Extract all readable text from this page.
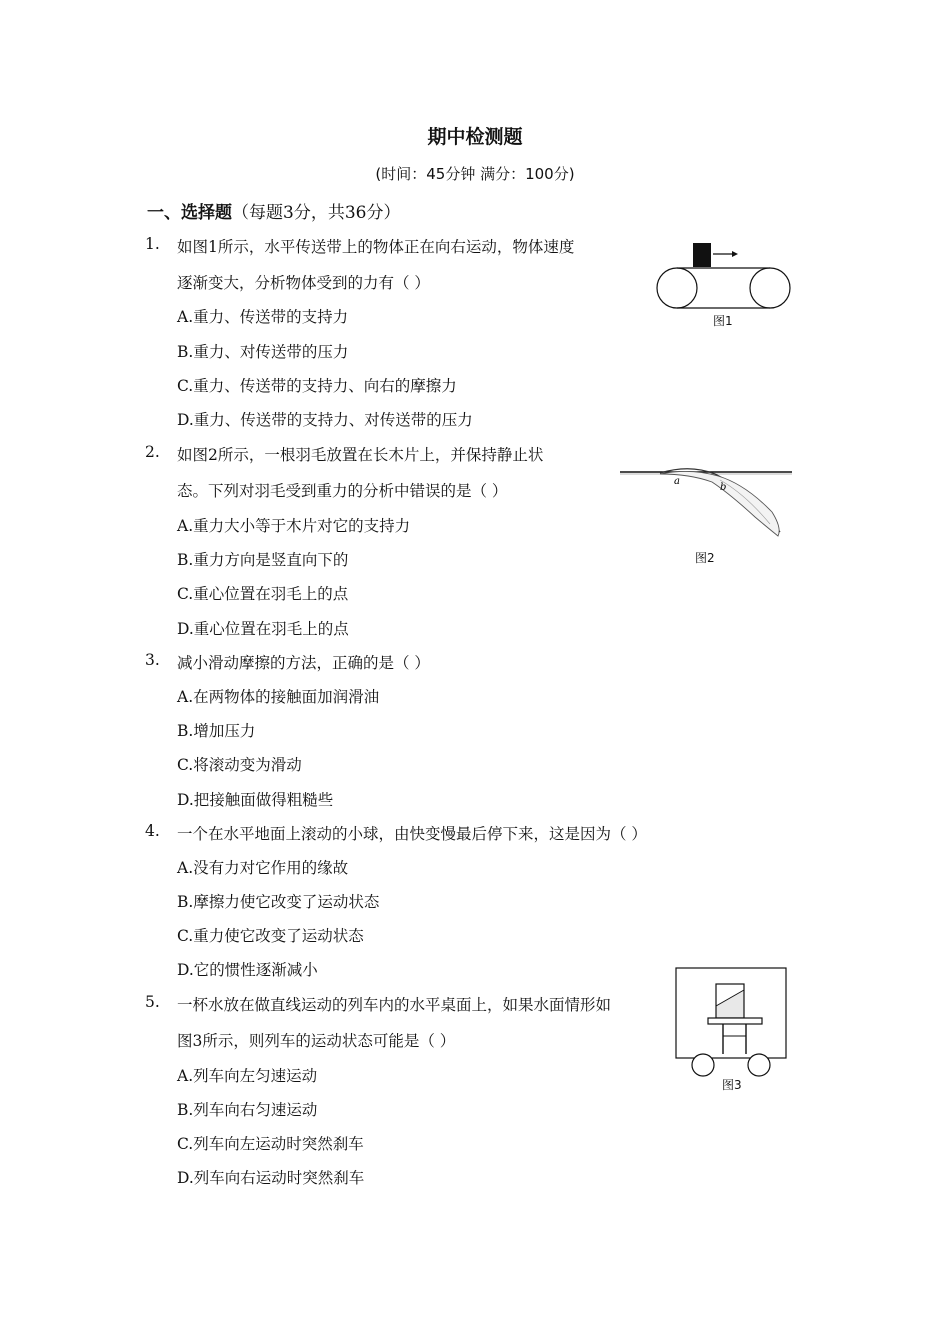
期中检测题
(时间：45分钟 满分：100分)
一、选择题（每题3分，共36分）
1. 如图1所示，水平传送带上的物体正在向右运动，物体速度
逐渐变大，分析物体受到的力有（ ）
A.重力、传送带的支持力
B.重力、对传送带的压力
C.重力、传送带的支持力、向右的摩擦力
D.重力、传送带的支持力、对传送带的压力
2. 如图2所示，一根羽毛放置在长木片上，并保持静止状
态。下列对羽毛受到重力的分析中错误的是（ ）
A.重力大小等于木片对它的支持力
B.重力方向是竖直向下的
C.重心位置在羽毛上的点
D.重心位置在羽毛上的点
3. 减小滑动摩擦的方法，正确的是（ ）
A.在两物体的接触面加润滑油
B.增加压力
C.将滚动变为滑动
D.把接触面做得粗糙些
4. 一个在水平地面上滚动的小球，由快变慢最后停下来，这是因为（ ）
A.没有力对它作用的缘故
B.摩擦力使它改变了运动状态
C.重力使它改变了运动状态
D.它的惯性逐渐减小
5. 一杯水放在做直线运动的列车内的水平桌面上，如果水面情形如
图3所示，则列车的运动状态可能是（ ）
A.列车向左匀速运动
B.列车向右匀速运动
C.列车向左运动时突然刹车
D.列车向右运动时突然刹车
图1
a
b
图2
图3
